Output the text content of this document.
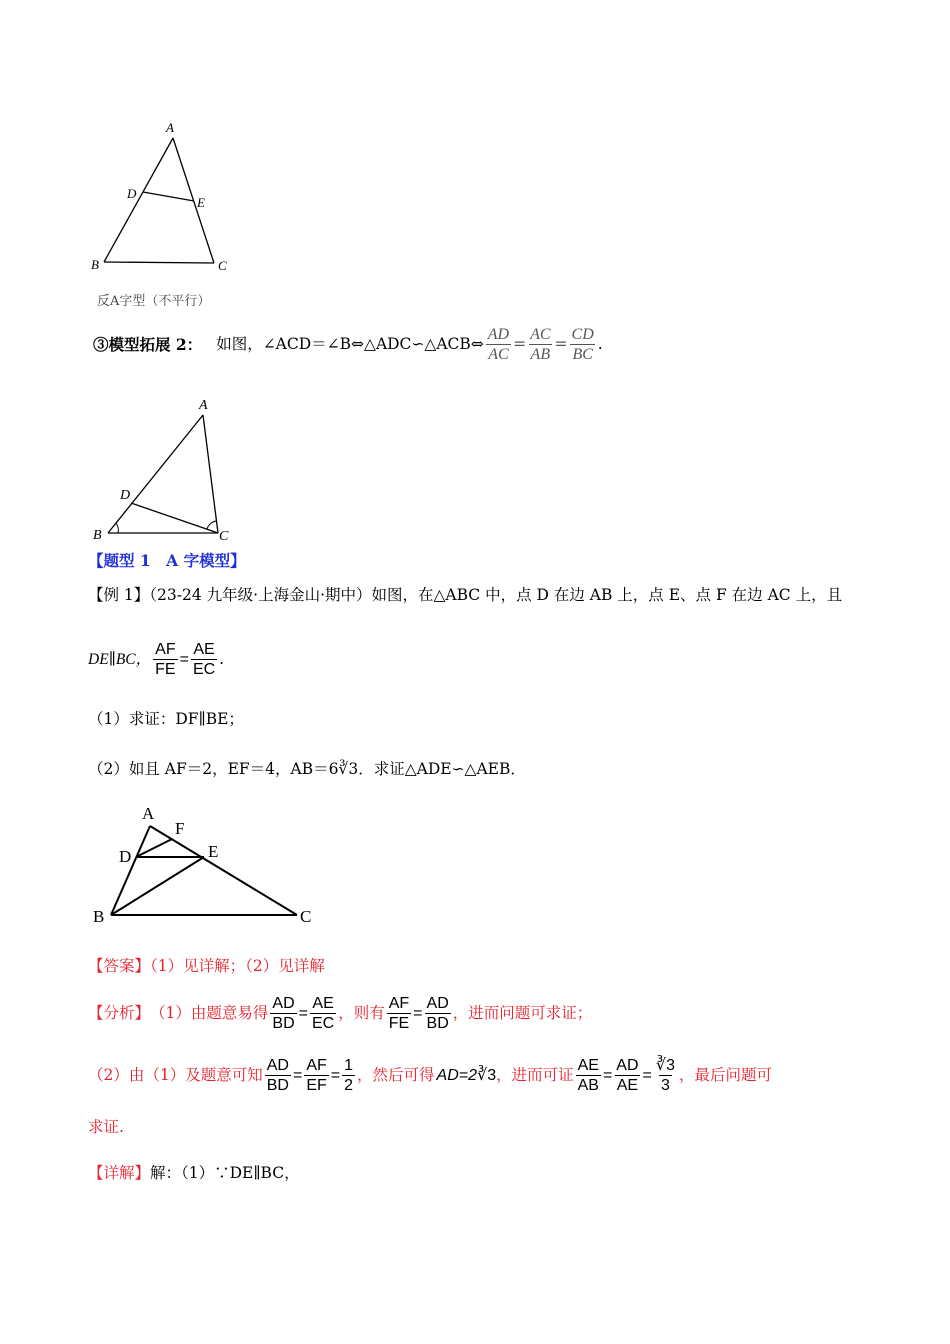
A
D
E
B	C
反A字型（不平行）
③模型拓展 2： 如图，∠ACD＝∠B⇔△ADC∽△ACB⇔ $\frac{AD}{AC} = \frac{AC}{AB} = \frac{CD}{BC}$ .
A
D
B	C
【题型 1　A 字模型】
【例 1】（23-24 九年级·上海金山·期中）如图，在△ABC 中，点 D 在边 AB 上，点 E、点 F 在边 AC 上，且
DE∥BC， $\frac{AF}{FE} = \frac{AE}{EC}$ .
（1）求证：DF∥BE；
（2）如且 AF＝2，EF＝4，AB＝6∛3．求证△ADE∽△AEB．
A
F
D	E
B	C
【答案】（1）见详解；（2）见详解
【分析】 （1）由题意易得 $\frac{AD}{BD} = \frac{AE}{EC}$ ，则有 $\frac{AF}{FE} = \frac{AD}{BD}$ ，进而问题可求证；
（2）由（1）及题意可知 $\frac{AD}{BD} = \frac{AF}{EF} = \frac{1}{2}$ ，然后可得 AD=2 ∛3 ，进而可证 $\frac{AE}{AB} = \frac{AD}{AE} = \frac{∛3}{3}$ ，最后问题可
求证.
【详解】解：（1）∵DE∥BC，
